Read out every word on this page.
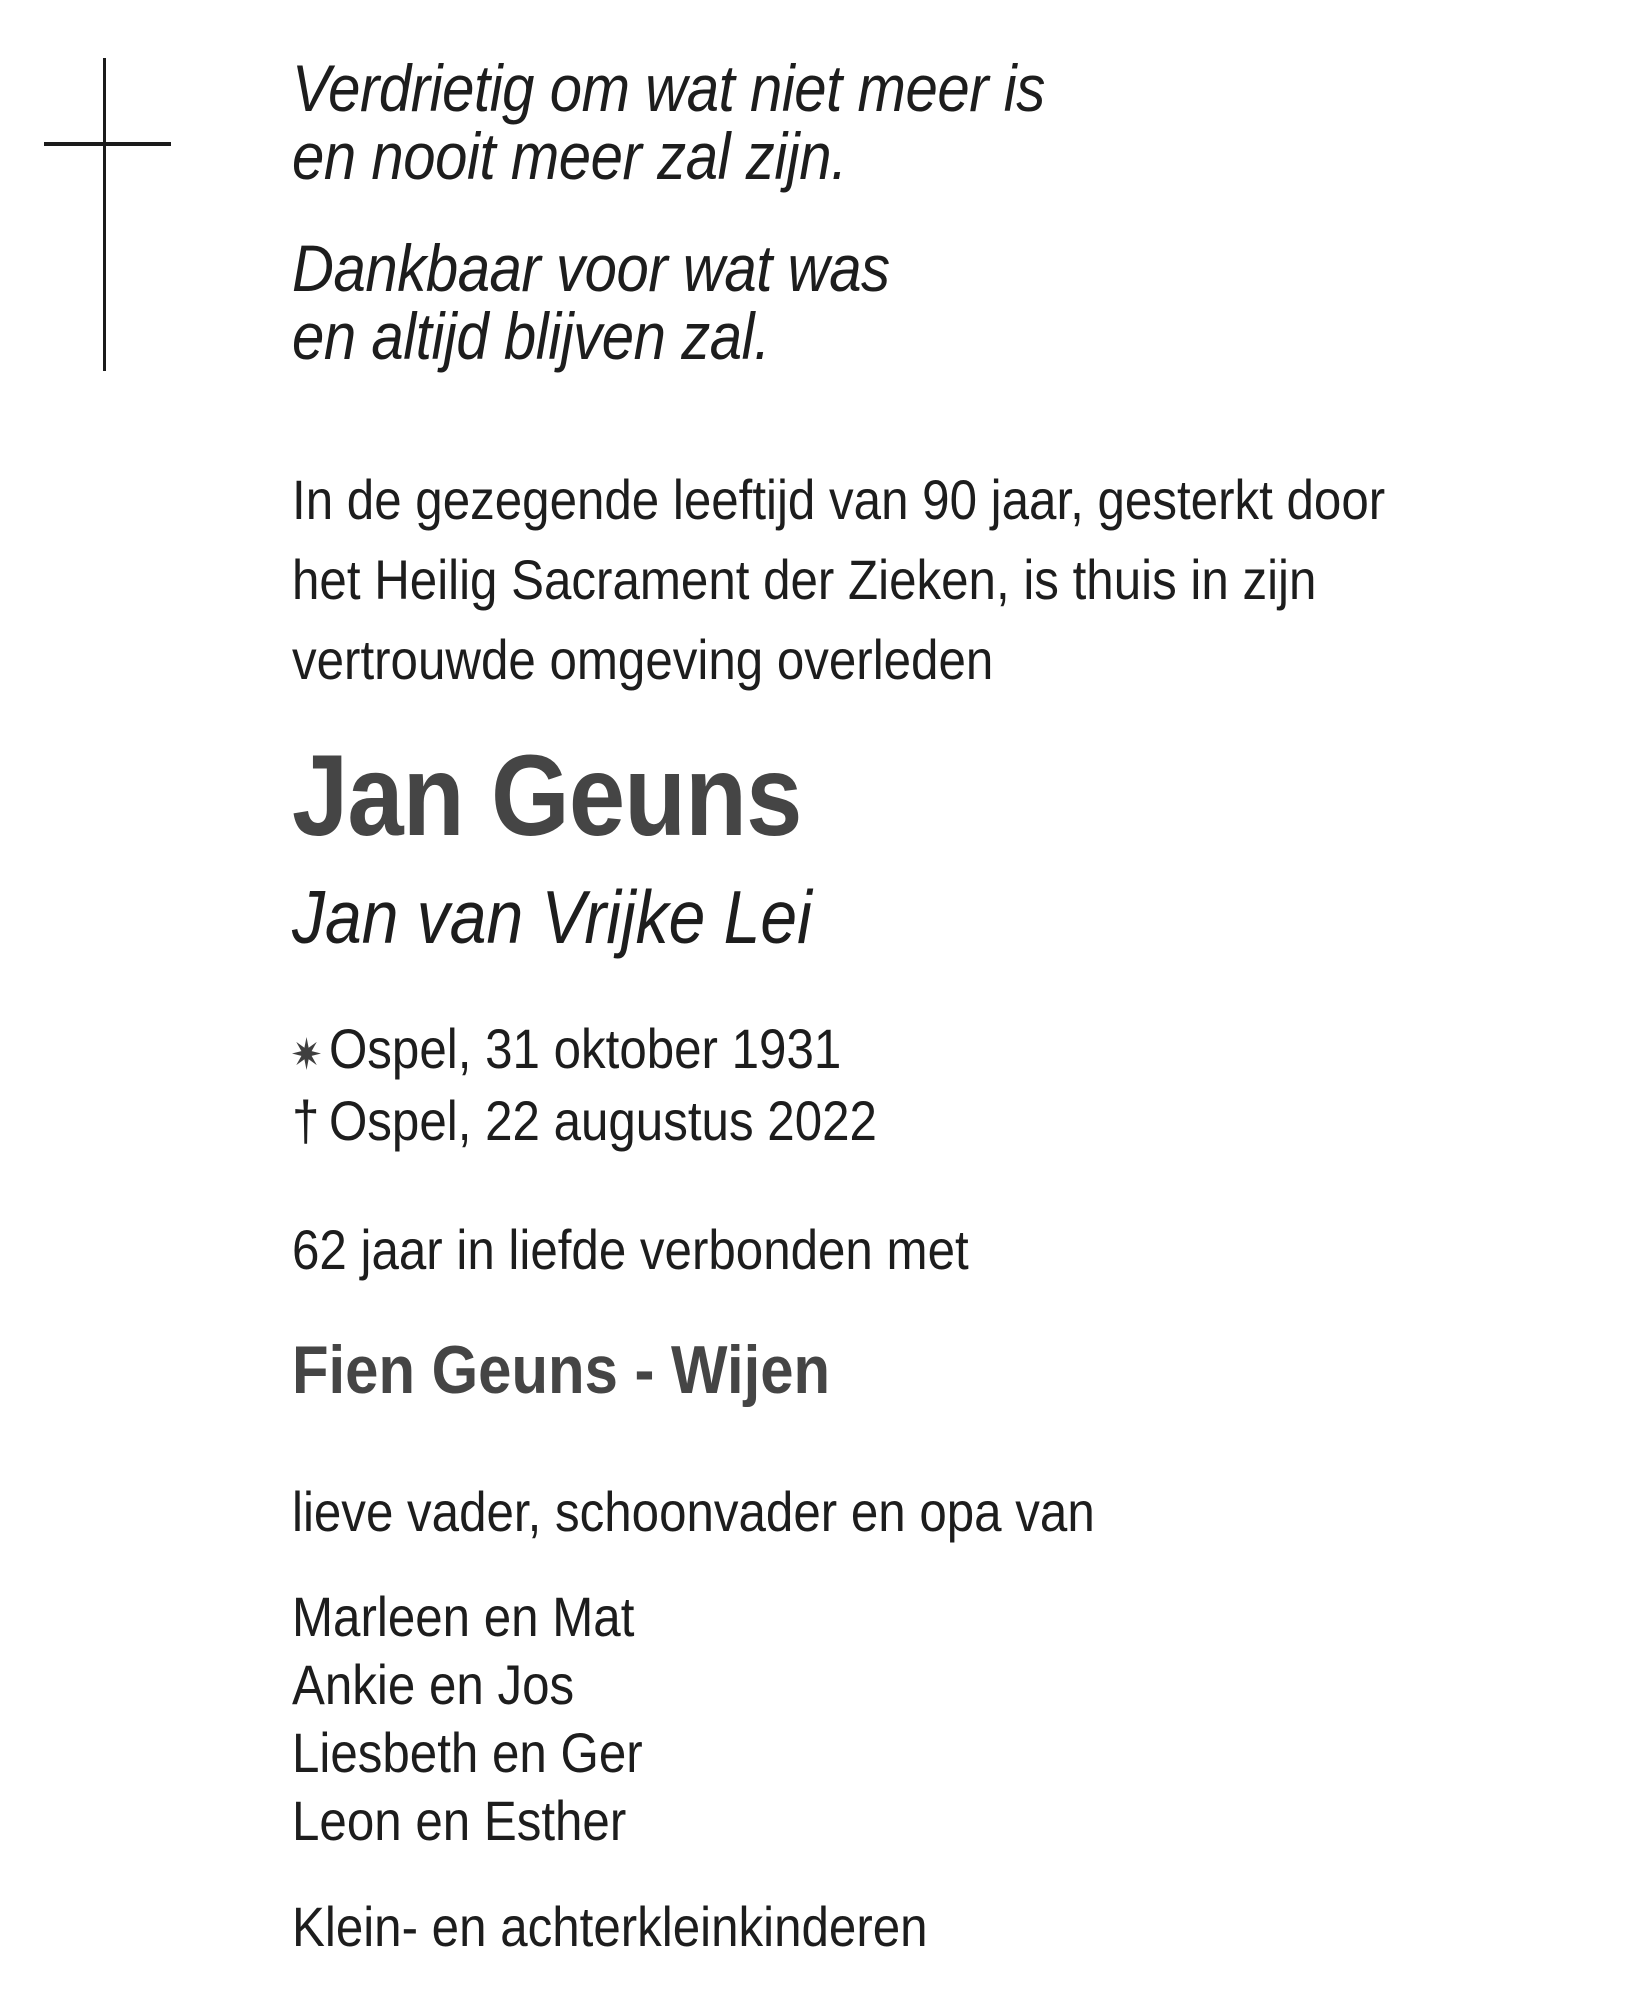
Verdrietig om wat niet meer is
en nooit meer zal zijn.
Dankbaar voor wat was
en altijd blijven zal.
In de gezegende leeftijd van 90 jaar, gesterkt door
het Heilig Sacrament der Zieken, is thuis in zijn
vertrouwde omgeving overleden
Jan Geuns
Jan van Vrijke Lei
Ospel, 31 oktober 1931
† Ospel, 22 augustus 2022
62 jaar in liefde verbonden met
Fien Geuns - Wijen
lieve vader, schoonvader en opa van
Marleen en Mat
Ankie en Jos
Liesbeth en Ger
Leon en Esther
Klein- en achterkleinkinderen
